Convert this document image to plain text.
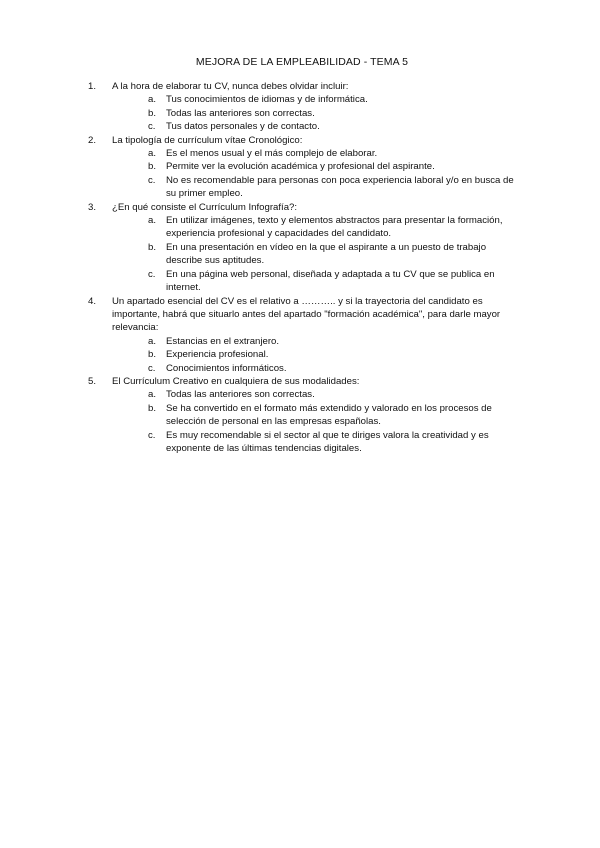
MEJORA DE LA EMPLEABILIDAD - TEMA 5
1. A la hora de elaborar tu CV, nunca debes olvidar incluir:
a. Tus conocimientos de idiomas y de informática.
b. Todas las anteriores son correctas.
c. Tus datos personales y de contacto.
2. La tipología de currículum vítae Cronológico:
a. Es el menos usual y el más complejo de elaborar.
b. Permite ver la evolución académica y profesional del aspirante.
c. No es recomendable para personas con poca experiencia laboral y/o en busca de su primer empleo.
3. ¿En qué consiste el Currículum Infografía?:
a. En utilizar imágenes, texto y elementos abstractos para presentar la formación, experiencia profesional y capacidades del candidato.
b. En una presentación en vídeo en la que el aspirante a un puesto de trabajo describe sus aptitudes.
c. En una página web personal, diseñada y adaptada a tu CV que se publica en internet.
4. Un apartado esencial del CV es el relativo a ……….. y si la trayectoria del candidato es importante, habrá que situarlo antes del apartado "formación académica", para darle mayor relevancia:
a. Estancias en el extranjero.
b. Experiencia profesional.
c. Conocimientos informáticos.
5. El Currículum Creativo en cualquiera de sus modalidades:
a. Todas las anteriores son correctas.
b. Se ha convertido en el formato más extendido y valorado en los procesos de selección de personal en las empresas españolas.
c. Es muy recomendable si el sector al que te diriges valora la creatividad y es exponente de las últimas tendencias digitales.
